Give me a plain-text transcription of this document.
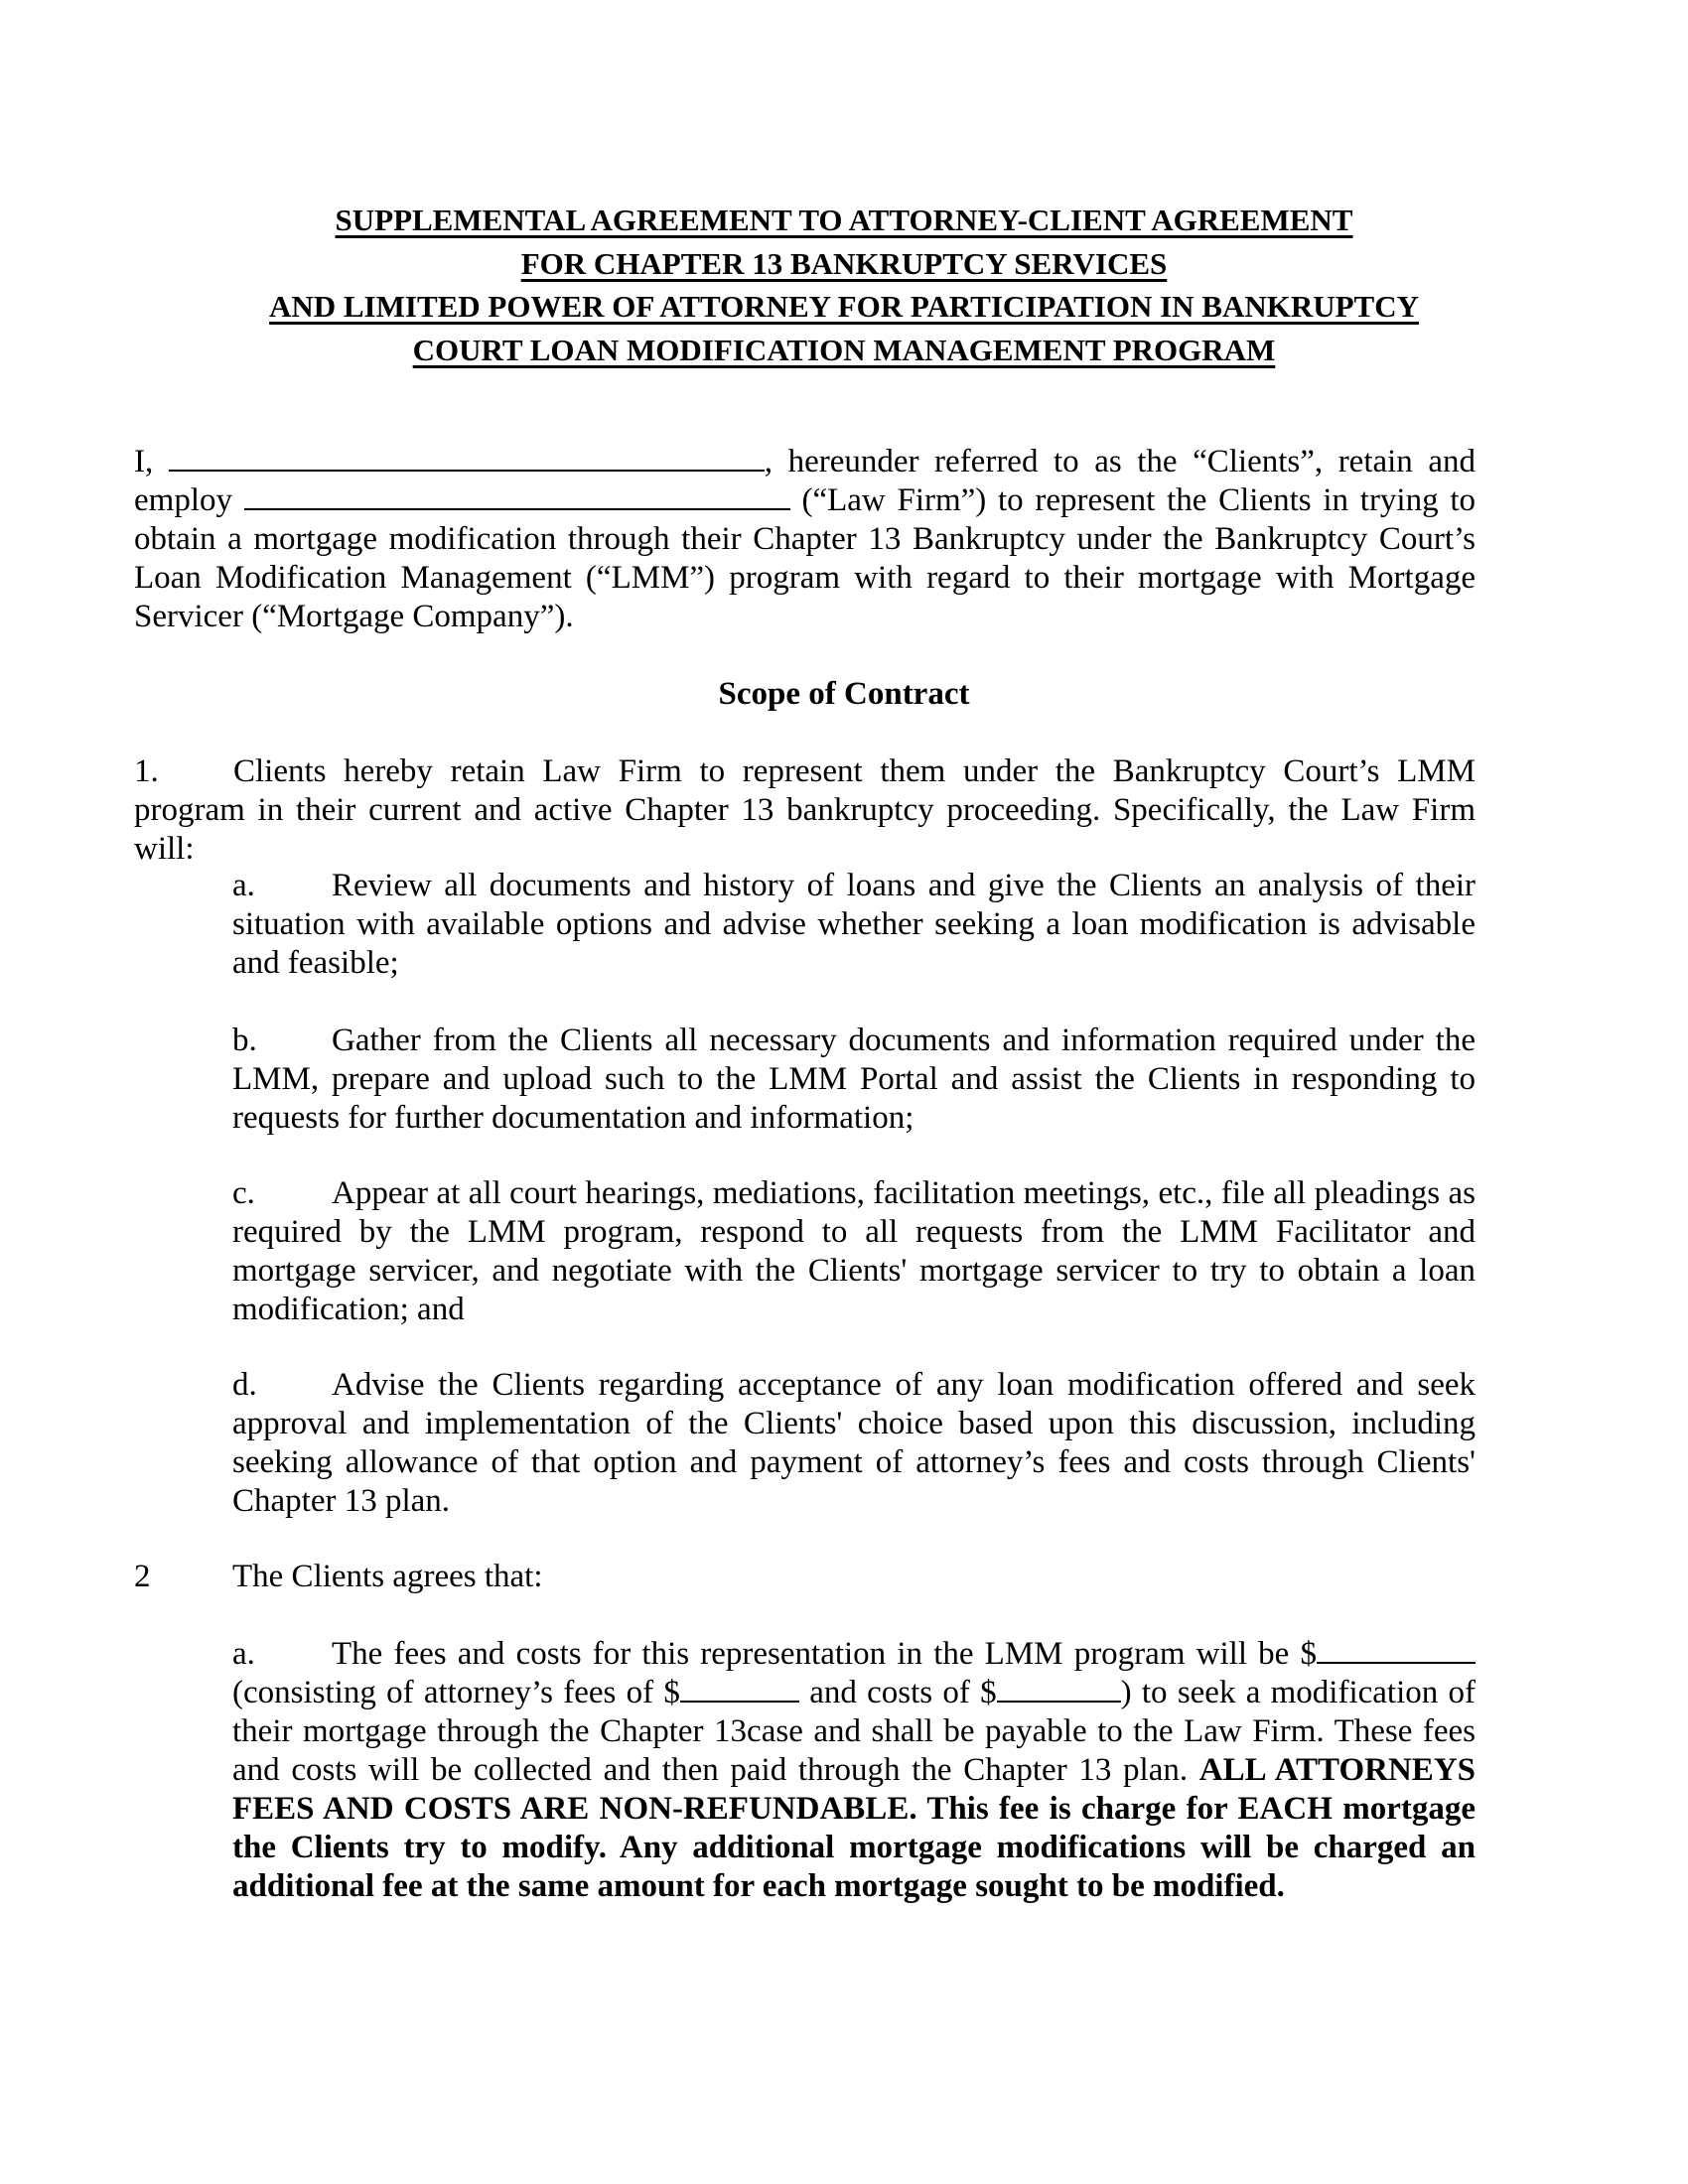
SUPPLEMENTAL AGREEMENT TO ATTORNEY-CLIENT AGREEMENT
FOR CHAPTER 13 BANKRUPTCY SERVICES
AND LIMITED POWER OF ATTORNEY FOR PARTICIPATION IN BANKRUPTCY
COURT LOAN MODIFICATION MANAGEMENT PROGRAM
I,	, hereunder referred to as the “Clients”, retain and employ	(“Law Firm”) to represent the Clients in trying to obtain a mortgage modification through their Chapter 13 Bankruptcy under the Bankruptcy Court’s Loan Modification Management (“LMM”) program with regard to their mortgage with Mortgage Servicer (“Mortgage Company”).
Scope of Contract
1. Clients hereby retain Law Firm to represent them under the Bankruptcy Court’s LMM program in their current and active Chapter 13 bankruptcy proceeding. Specifically, the Law Firm will:
a. Review all documents and history of loans and give the Clients an analysis of their situation with available options and advise whether seeking a loan modification is advisable and feasible;
b. Gather from the Clients all necessary documents and information required under the LMM, prepare and upload such to the LMM Portal and assist the Clients in responding to requests for further documentation and information;
c. Appear at all court hearings, mediations, facilitation meetings, etc., file all pleadings as required by the LMM program, respond to all requests from the LMM Facilitator and mortgage servicer, and negotiate with the Clients' mortgage servicer to try to obtain a loan modification; and
d. Advise the Clients regarding acceptance of any loan modification offered and seek approval and implementation of the Clients' choice based upon this discussion, including seeking allowance of that option and payment of attorney’s fees and costs through Clients' Chapter 13 plan.
2	The Clients agrees that:
a. The fees and costs for this representation in the LMM program will be $ (consisting of attorney’s fees of $	and costs of $	) to seek a modification of their mortgage through the Chapter 13case and shall be payable to the Law Firm. These fees and costs will be collected and then paid through the Chapter 13 plan. ALL ATTORNEYS FEES AND COSTS ARE NON-REFUNDABLE. This fee is charge for EACH mortgage the Clients try to modify. Any additional mortgage modifications will be charged an additional fee at the same amount for each mortgage sought to be modified.
